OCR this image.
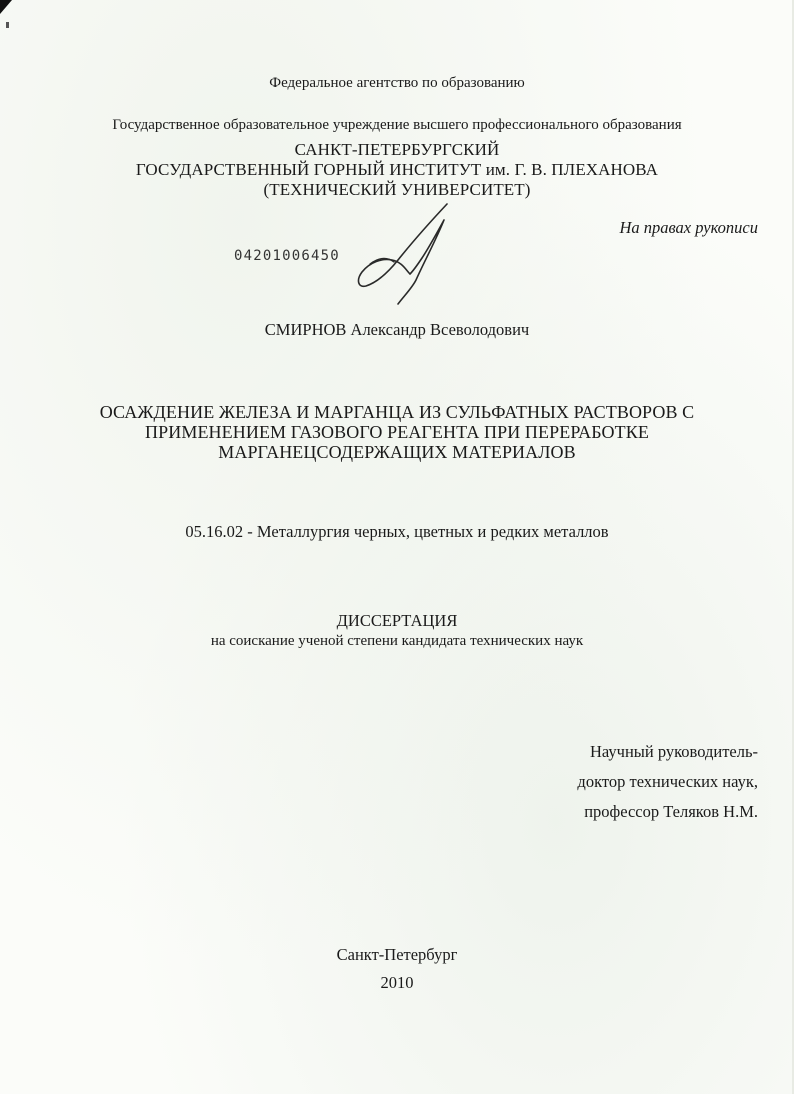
Федеральное агентство по образованию
Государственное образовательное учреждение высшего профессионального образования
САНКТ-ПЕТЕРБУРГСКИЙ
ГОСУДАРСТВЕННЫЙ ГОРНЫЙ ИНСТИТУТ им. Г. В. ПЛЕХАНОВА
(ТЕХНИЧЕСКИЙ УНИВЕРСИТЕТ)
На правах рукописи
04201006450
СМИРНОВ Александр Всеволодович
ОСАЖДЕНИЕ ЖЕЛЕЗА И МАРГАНЦА ИЗ СУЛЬФАТНЫХ РАСТВОРОВ С
ПРИМЕНЕНИЕМ ГАЗОВОГО РЕАГЕНТА ПРИ ПЕРЕРАБОТКЕ
МАРГАНЕЦСОДЕРЖАЩИХ МАТЕРИАЛОВ
05.16.02 - Металлургия черных, цветных и редких металлов
ДИССЕРТАЦИЯ
на соискание ученой степени кандидата технических наук
Научный руководитель-
доктор технических наук,
профессор Теляков Н.М.
Санкт-Петербург
2010
